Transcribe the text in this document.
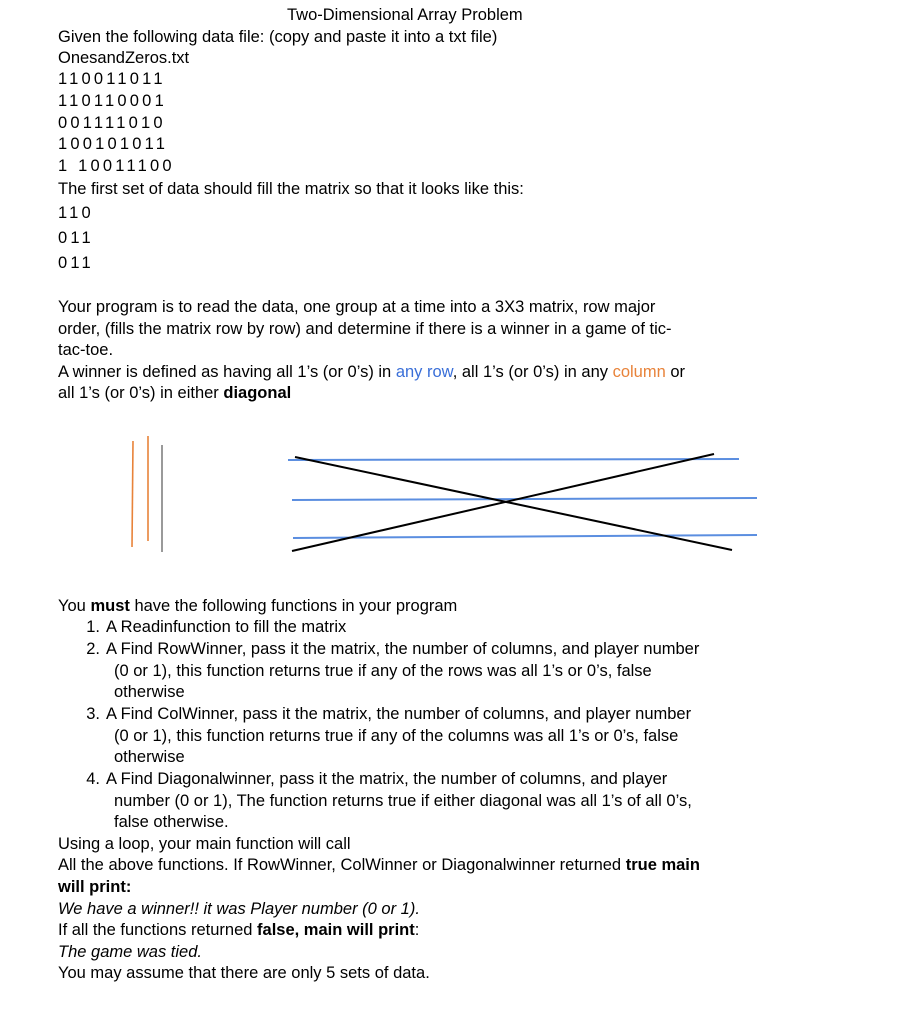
Two-Dimensional Array Problem
Given the following data file: (copy and paste it into a txt file)
OnesandZeros.txt
110011011
110110001
001111010
100101011
1 10011100
The first set of data should fill the matrix so that it looks like this:
110
011
011
Your program is to read the data, one group at a time into a 3X3 matrix, row major
order, (fills the matrix row by row) and determine if there is a winner in a game of tic-
tac-toe.
A winner is defined as having all 1’s (or 0’s) in any row, all 1’s (or 0’s) in any column or
all 1’s (or 0’s) in either diagonal
You must have the following functions in your program
1. A Readinfunction to fill the matrix
2. A Find RowWinner, pass it the matrix, the number of columns, and player number
(0 or 1), this function returns true if any of the rows was all 1’s or 0’s, false
otherwise
3. A Find ColWinner, pass it the matrix, the number of columns, and player number
(0 or 1), this function returns true if any of the columns was all 1’s or 0’s, false
otherwise
4. A Find Diagonalwinner, pass it the matrix, the number of columns, and player
number (0 or 1), The function returns true if either diagonal was all 1’s of all 0’s,
false otherwise.
Using a loop, your main function will call
All the above functions. If RowWinner, ColWinner or Diagonalwinner returned true main
will print:
We have a winner!! it was Player number (0 or 1).
If all the functions returned false, main will print:
The game was tied.
You may assume that there are only 5 sets of data.
